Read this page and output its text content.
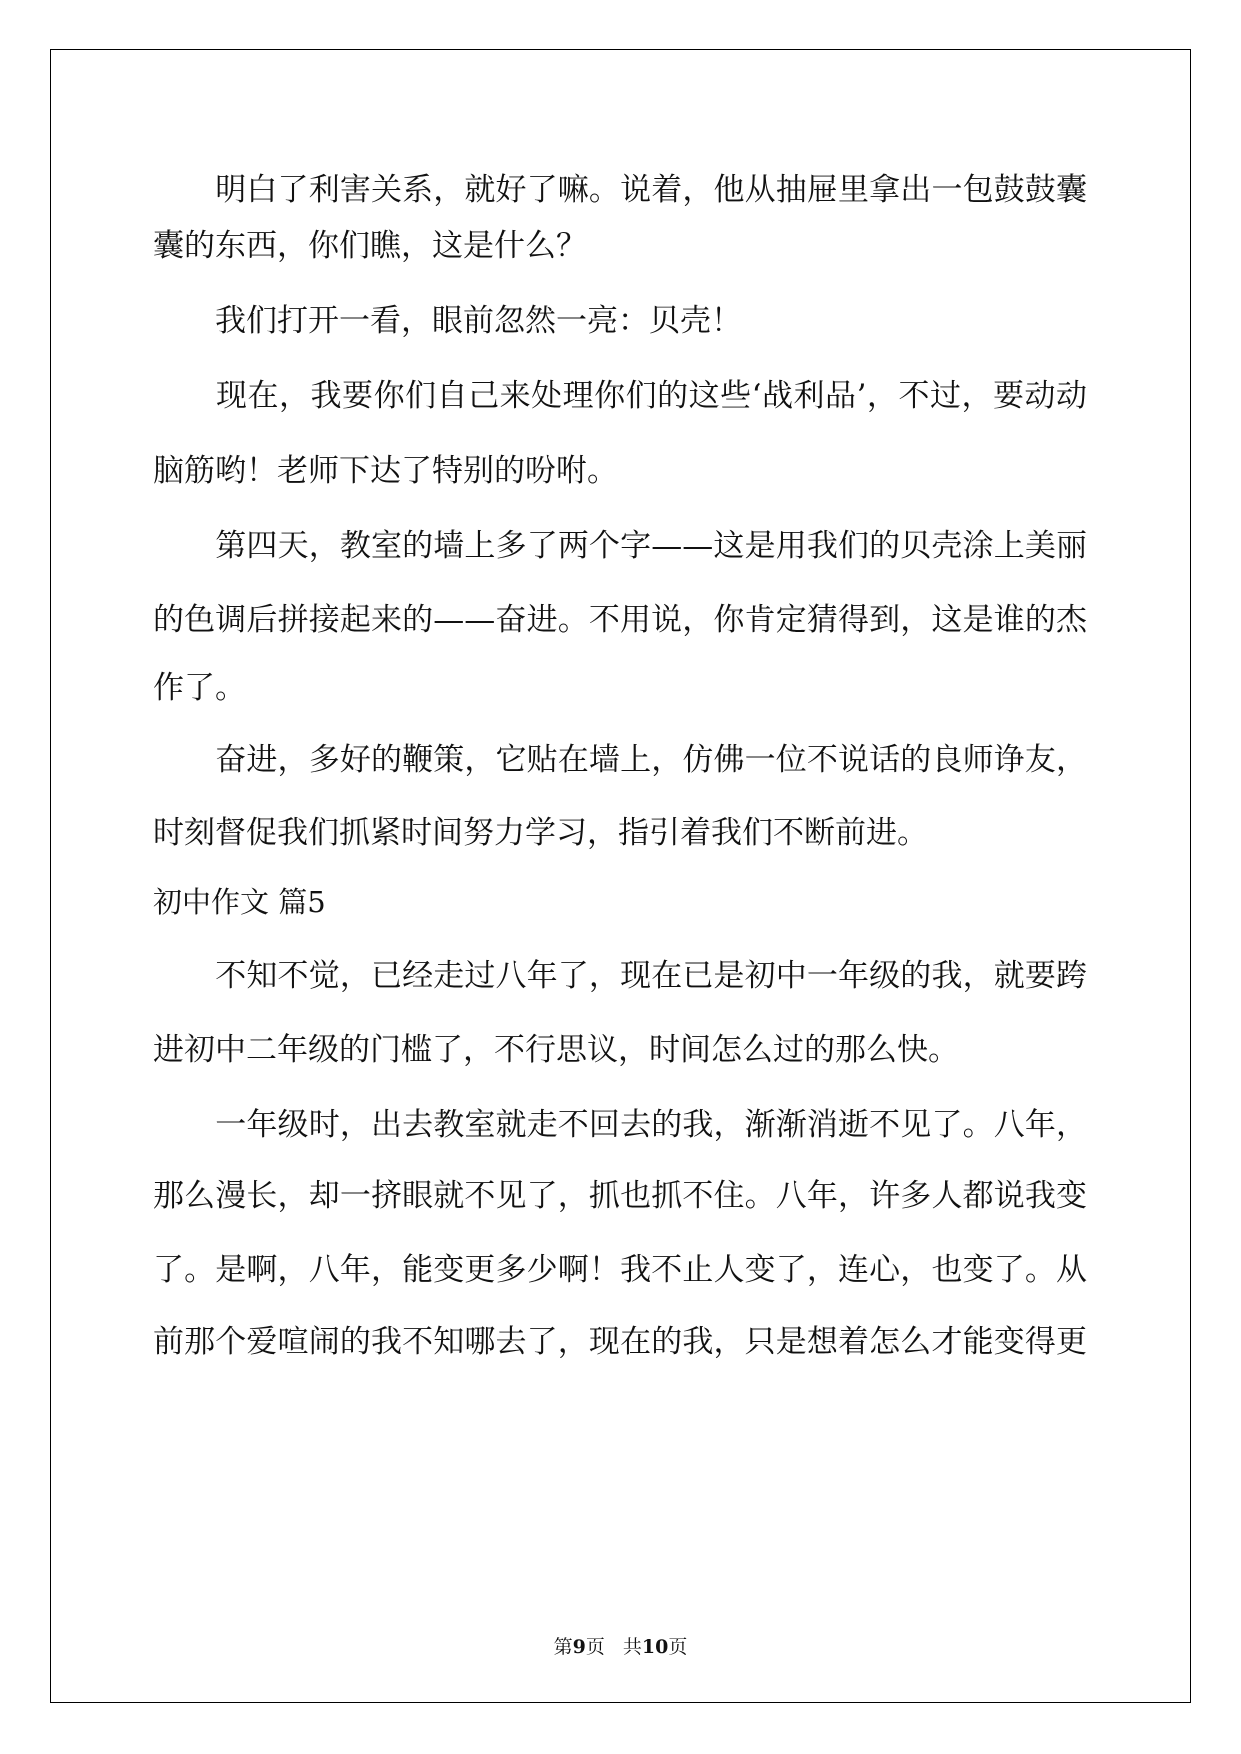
　　明白了利害关系，就好了嘛。说着，他从抽屉里拿出一包鼓鼓囊

囊的东西，你们瞧，这是什么？

　　我们打开一看，眼前忽然一亮：贝壳！

　　现在，我要你们自己来处理你们的这些‘战利品’，不过，要动动

脑筋哟！老师下达了特别的吩咐。

　　第四天，教室的墙上多了两个字——这是用我们的贝壳涂上美丽

的色调后拼接起来的——奋进。不用说，你肯定猜得到，这是谁的杰

作了。

　　奋进，多好的鞭策，它贴在墙上，仿佛一位不说话的良师诤友，

时刻督促我们抓紧时间努力学习，指引着我们不断前进。

初中作文 篇5

　　不知不觉，已经走过八年了，现在已是初中一年级的我，就要跨

进初中二年级的门槛了，不行思议，时间怎么过的那么快。

　　一年级时，出去教室就走不回去的我，渐渐消逝不见了。八年，

那么漫长，却一挤眼就不见了，抓也抓不住。八年，许多人都说我变

了。是啊，八年，能变更多少啊！我不止人变了，连心，也变了。从

前那个爱喧闹的我不知哪去了，现在的我，只是想着怎么才能变得更

第9页 共10页
